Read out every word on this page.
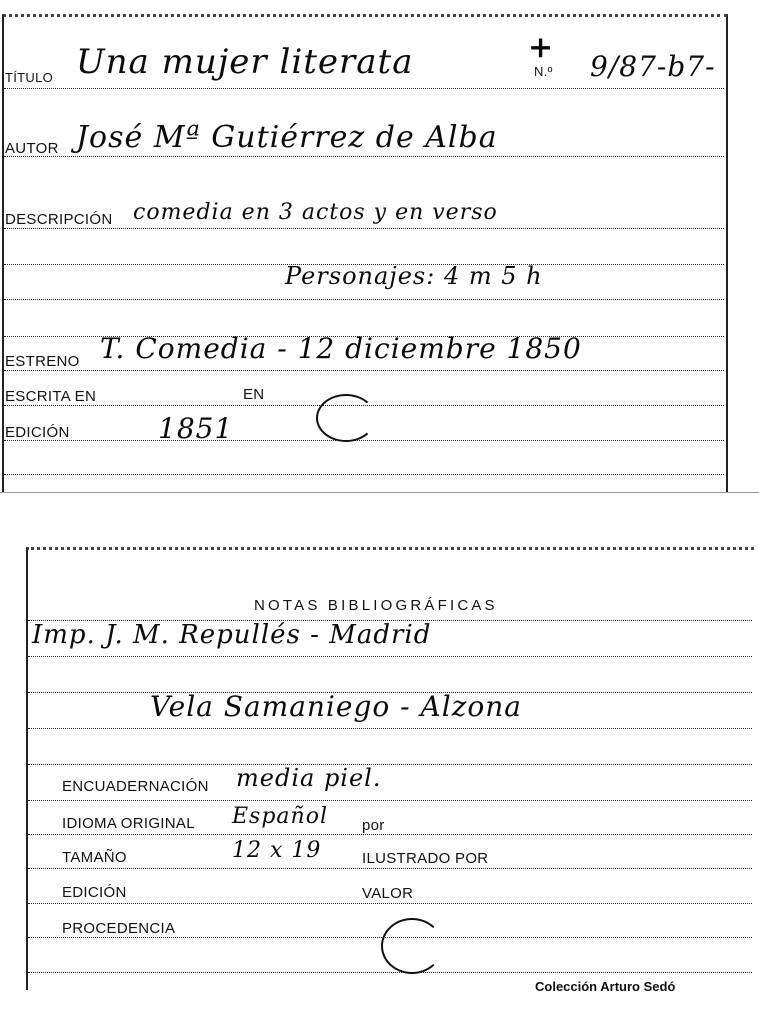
TÍTULO Una mujer literata	+
N.º 9/87-b7-
AUTOR José Mª Gutiérrez de Alba
DESCRIPCIÓN comedia en 3 actos y en verso
Personajes: 4 m 5 h
ESTRENO T. Comedia - 12 diciembre 1850
ESCRITA EN	EN
EDICIÓN	1851
NOTAS BIBLIOGRÁFICAS
Imp. J. M. Repullés - Madrid
Vela Samaniego - Alzona
ENCUADERNACIÓN media piel.
IDIOMA ORIGINAL Español por
TAMAÑO	12 x 19	ILUSTRADO POR
EDICIÓN	VALOR
PROCEDENCIA
Colección Arturo Sedó
